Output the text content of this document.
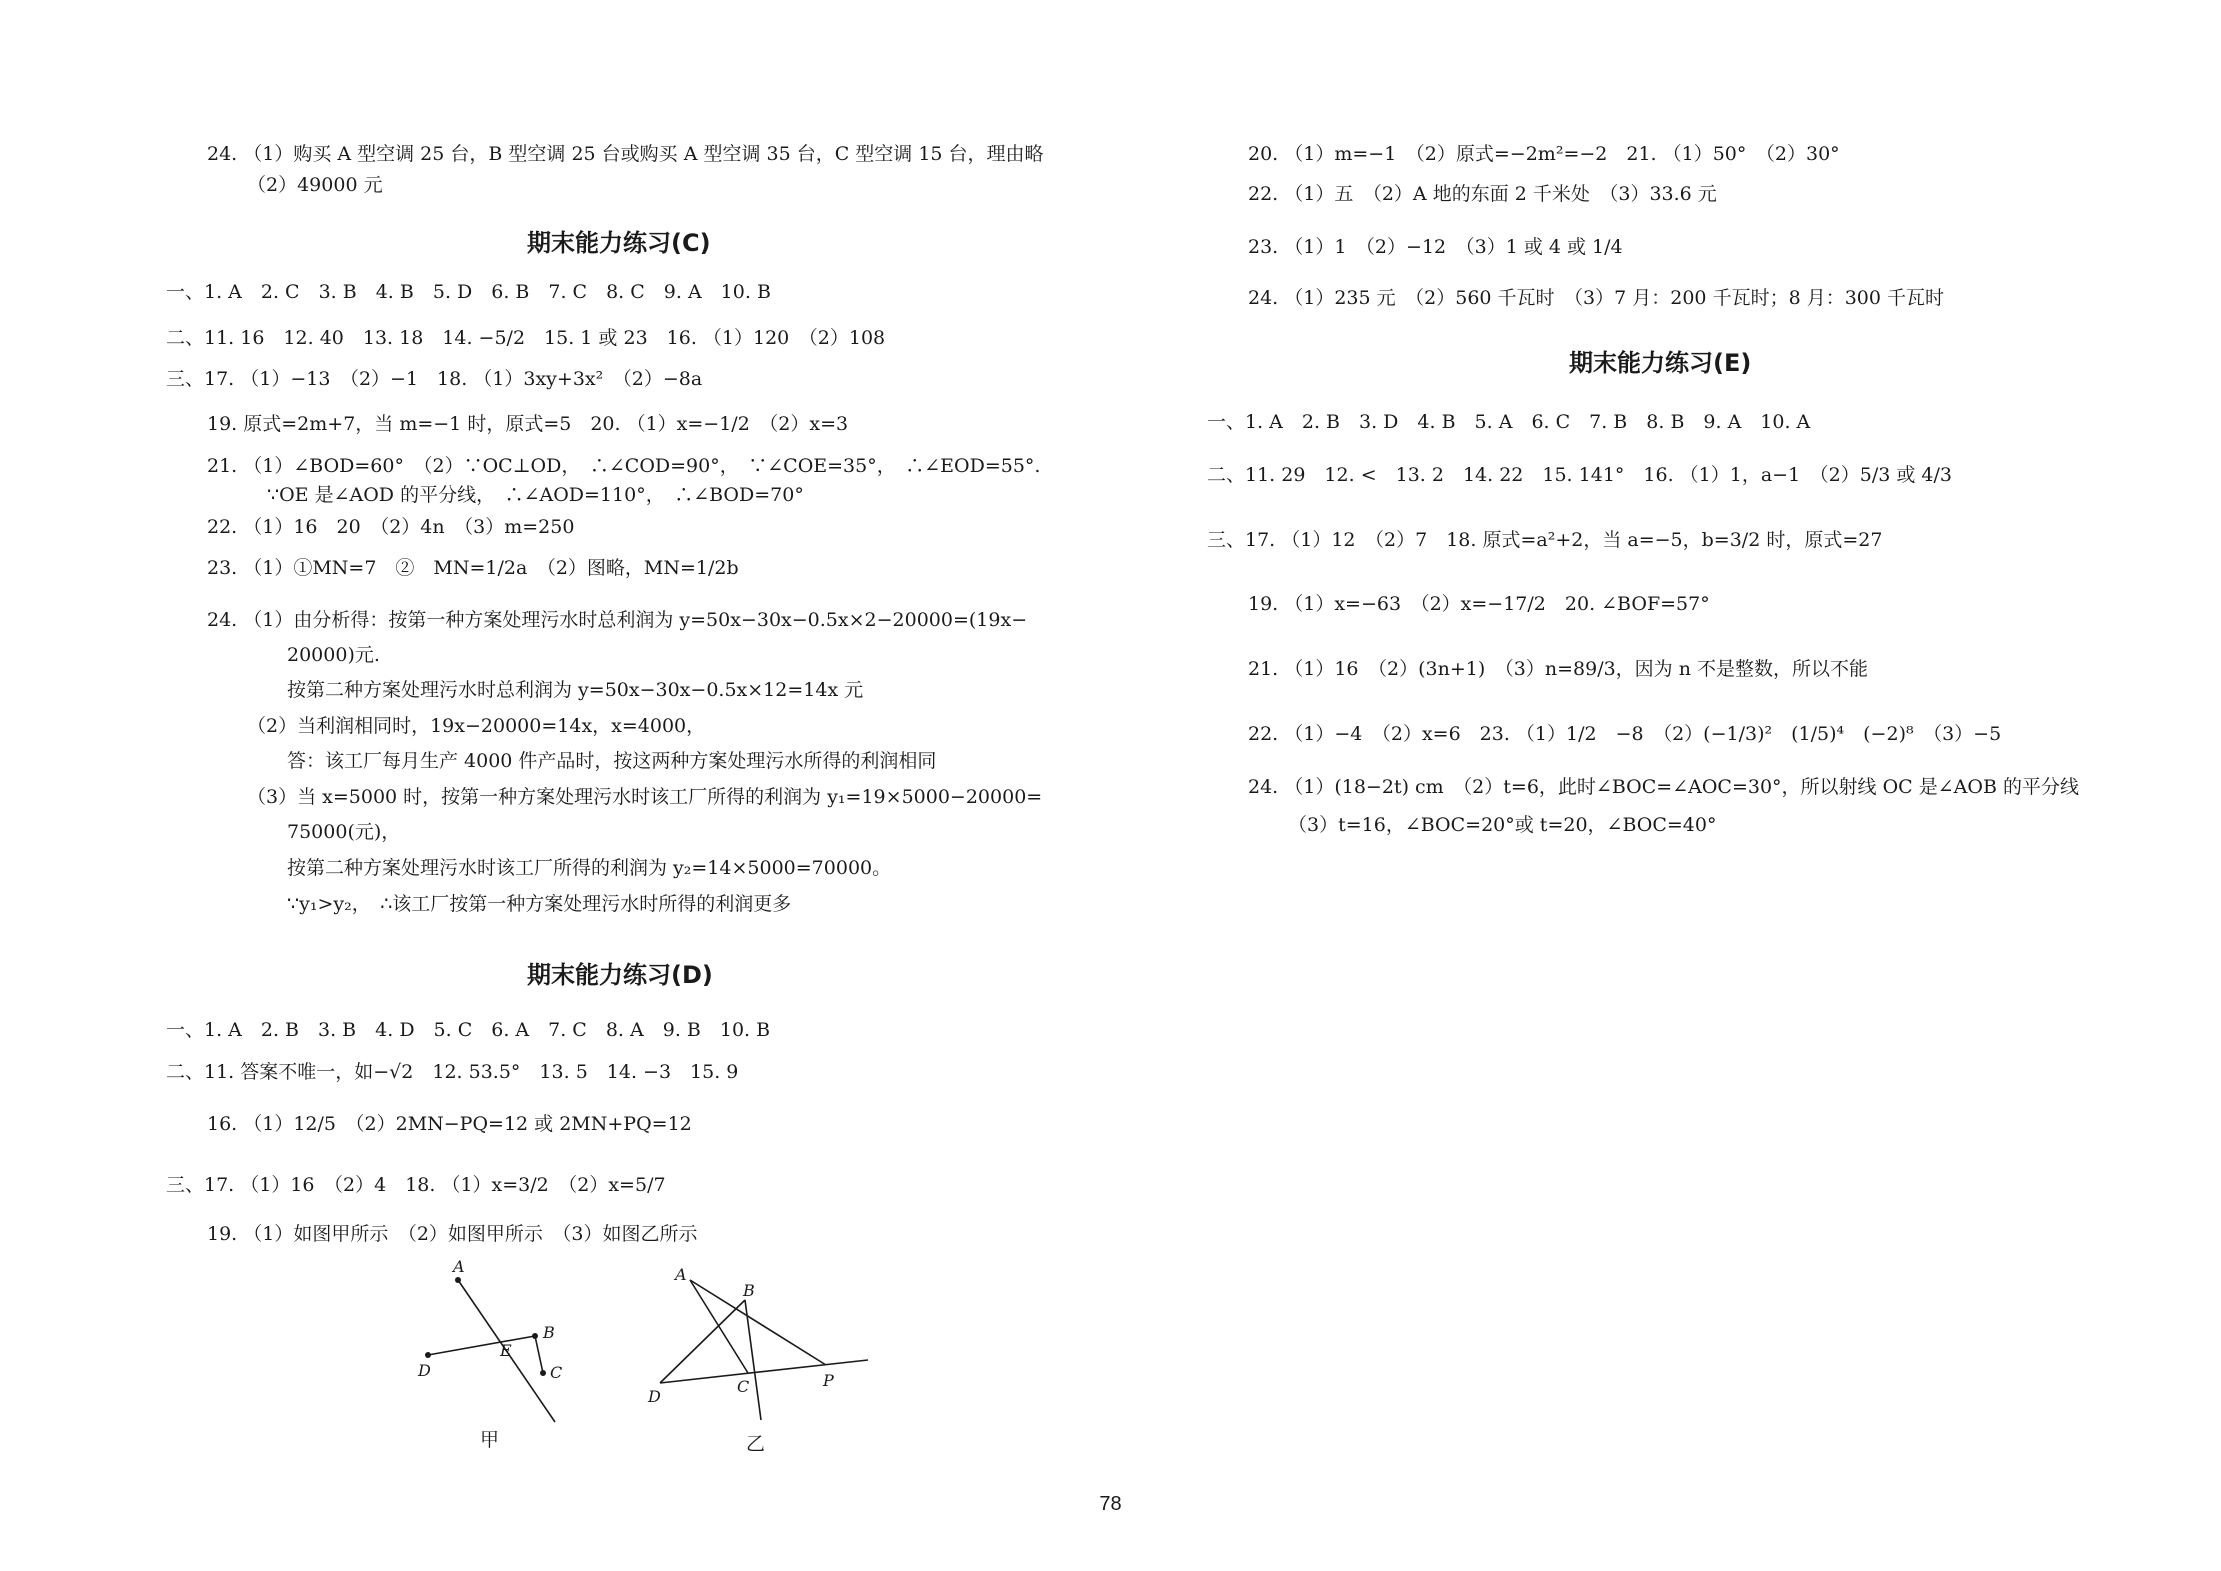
24. （1）购买 A 型空调 25 台，B 型空调 25 台或购买 A 型空调 35 台，C 型空调 15 台，理由略
（2）49000 元
期末能力练习(C)
一、1. A　2. C　3. B　4. B　5. D　6. B　7. C　8. C　9. A　10. B
二、11. 16　12. 40　13. 18　14. −5/2　15. 1 或 23　16. （1）120　（2）108
三、17. （1）−13　（2）−1　18. （1）3xy+3x²　（2）−8a
19. 原式=2m+7，当 m=−1 时，原式=5　20. （1）x=−1/2　（2）x=3
21. （1）∠BOD=60°　（2）∵OC⊥OD，　∴∠COD=90°，　∵∠COE=35°，　∴∠EOD=55°.
∵OE 是∠AOD 的平分线，　∴∠AOD=110°，　∴∠BOD=70°
22. （1）16　20　（2）4n　（3）m=250
23. （1）①MN=7　②　MN=1/2a　（2）图略，MN=1/2b
24. （1）由分析得：按第一种方案处理污水时总利润为 y=50x−30x−0.5x×2−20000=(19x−
20000)元.
按第二种方案处理污水时总利润为 y=50x−30x−0.5x×12=14x 元
（2）当利润相同时，19x−20000=14x，x=4000，
答：该工厂每月生产 4000 件产品时，按这两种方案处理污水所得的利润相同
（3）当 x=5000 时，按第一种方案处理污水时该工厂所得的利润为 y₁=19×5000−20000=
75000(元)，
按第二种方案处理污水时该工厂所得的利润为 y₂=14×5000=70000。
∵y₁>y₂，　∴该工厂按第一种方案处理污水时所得的利润更多
期末能力练习(D)
一、1. A　2. B　3. B　4. D　5. C　6. A　7. C　8. A　9. B　10. B
二、11. 答案不唯一，如−√2　12. 53.5°　13. 5　14. −3　15. 9
16. （1）12/5　（2）2MN−PQ=12 或 2MN+PQ=12
三、17. （1）16　（2）4　18. （1）x=3/2　（2）x=5/7
19. （1）如图甲所示　（2）如图甲所示　（3）如图乙所示
A
D
E
B
C
甲
A
B
D
C	P
乙
20. （1）m=−1　（2）原式=−2m²=−2　21. （1）50°　（2）30°
22. （1）五　（2）A 地的东面 2 千米处　（3）33.6 元
23. （1）1　（2）−12　（3）1 或 4 或 1/4
24. （1）235 元　（2）560 千瓦时　（3）7 月：200 千瓦时；8 月：300 千瓦时
期末能力练习(E)
一、1. A　2. B　3. D　4. B　5. A　6. C　7. B　8. B　9. A　10. A
二、11. 29　12. <　13. 2　14. 22　15. 141°　16. （1）1，a−1　（2）5/3 或 4/3
三、17. （1）12　（2）7　18. 原式=a²+2，当 a=−5，b=3/2 时，原式=27
19. （1）x=−63　（2）x=−17/2　20. ∠BOF=57°
21. （1）16　（2）(3n+1)　（3）n=89/3，因为 n 不是整数，所以不能
22. （1）−4　（2）x=6　23. （1）1/2　−8　（2）(−1/3)²　(1/5)⁴　(−2)⁸　（3）−5
24. （1）(18−2t) cm　（2）t=6，此时∠BOC=∠AOC=30°，所以射线 OC 是∠AOB 的平分线
（3）t=16，∠BOC=20°或 t=20，∠BOC=40°
78
